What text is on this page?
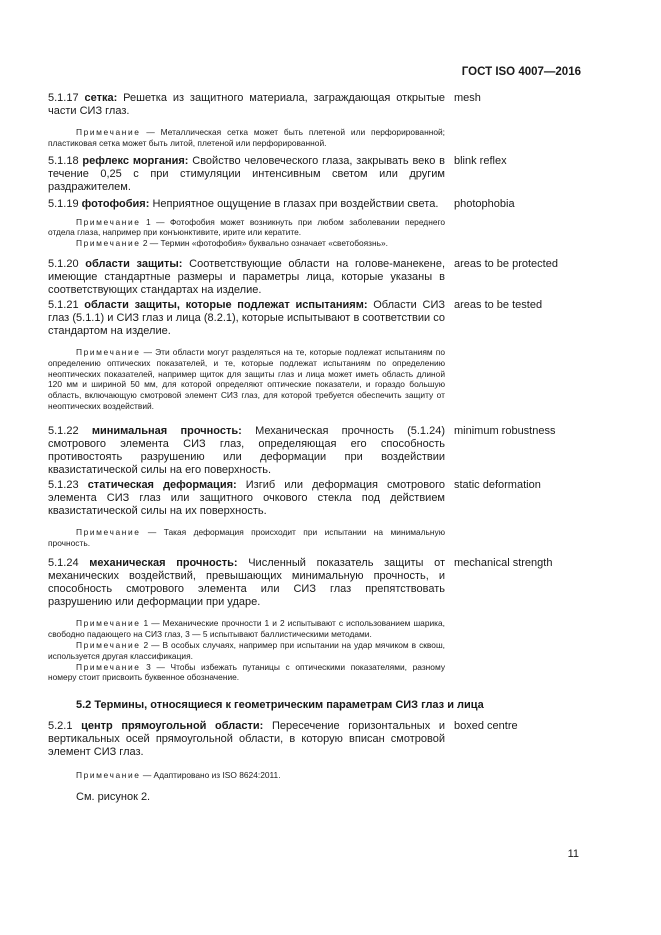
ГОСТ ISO 4007—2016
5.1.17 сетка: Решетка из защитного материала, заграждающая открытые части СИЗ глаз.
mesh
Примечание — Металлическая сетка может быть плетеной или перфорированной; пластиковая сетка может быть литой, плетеной или перфорированной.
5.1.18 рефлекс моргания: Свойство человеческого глаза, закрывать веко в течение 0,25 с при стимуляции интенсивным светом или другим раздражителем.
blink reflex
5.1.19 фотофобия: Неприятное ощущение в глазах при воздействии света.	photophobia
Примечание 1 — Фотофобия может возникнуть при любом заболевании переднего отдела глаза, например при конъюнктивите, ирите или кератите.
Примечание 2 — Термин «фотофобия» буквально означает «светобоязнь».
5.1.20 области защиты: Соответствующие области на голове-манекене, имеющие стандартные размеры и параметры лица, которые указаны в соответствующих стандартах на изделие.
areas to be protected
5.1.21 области защиты, которые подлежат испытаниям: Области СИЗ глаз (5.1.1) и СИЗ глаз и лица (8.2.1), которые испытывают в соответствии со стандартом на изделие.
areas to be tested
Примечание — Эти области могут разделяться на те, которые подлежат испытаниям по определению оптических показателей, и те, которые подлежат испытаниям по определению неоптических показателей, например щиток для защиты глаз и лица может иметь область длиной 120 мм и шириной 50 мм, для которой определяют оптические показатели, и гораздо большую область, включающую смотровой элемент СИЗ глаз, для которой требуется обеспечить защиту от неоптических воздействий.
5.1.22 минимальная прочность: Механическая прочность (5.1.24) смотрового элемента СИЗ глаз, определяющая его способность противостоять разрушению или деформации при воздействии квазистатической силы на его поверхность.
minimum robustness
5.1.23 статическая деформация: Изгиб или деформация смотрового элемента СИЗ глаз или защитного очкового стекла под действием квазистатической силы на их поверхность.
static deformation
Примечание — Такая деформация происходит при испытании на минимальную прочность.
5.1.24 механическая прочность: Численный показатель защиты от механических воздействий, превышающих минимальную прочность, и способность смотрового элемента или СИЗ глаз препятствовать разрушению или деформации при ударе.
mechanical strength
Примечание 1 — Механические прочности 1 и 2 испытывают с использованием шарика, свободно падающего на СИЗ глаз, 3 — 5 испытывают баллистическими методами.
Примечание 2 — В особых случаях, например при испытании на удар мячиком в сквош, используется другая классификация.
Примечание 3 — Чтобы избежать путаницы с оптическими показателями, разному номеру стоит присвоить буквенное обозначение.
5.2 Термины, относящиеся к геометрическим параметрам СИЗ глаз и лица
5.2.1 центр прямоугольной области: Пересечение горизонтальных и вертикальных осей прямоугольной области, в которую вписан смотровой элемент СИЗ глаз.
boxed centre
Примечание — Адаптировано из ISO 8624:2011.
См. рисунок 2.
11
